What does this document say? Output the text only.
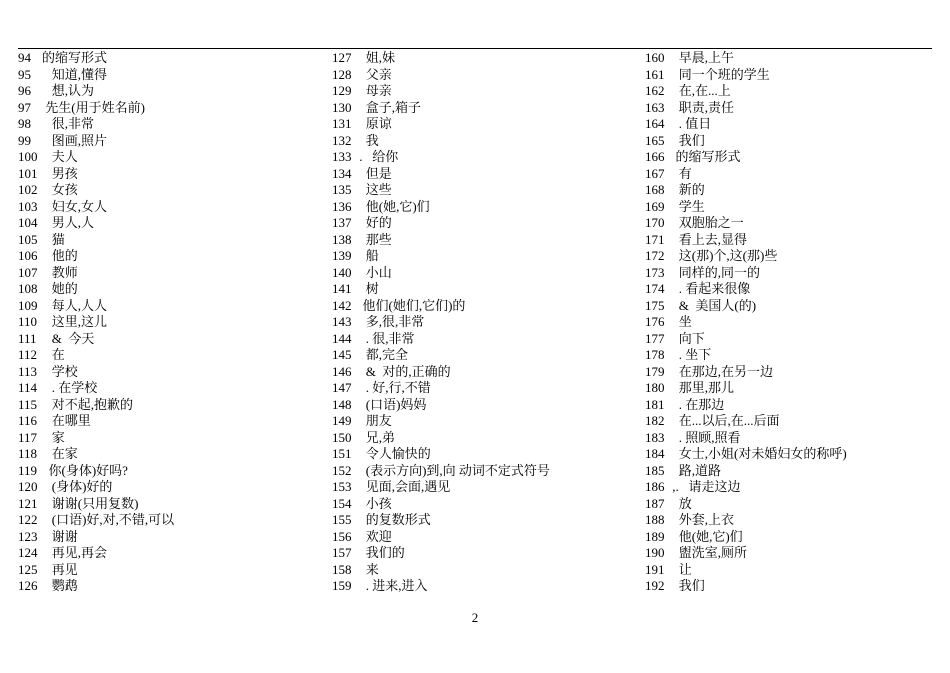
94 的缩写形式
95   知道,懂得
96   想,认为
97 先生(用于姓名前)
98   很,非常
99   图画,照片
100   夫人
101   男孩
102   女孩
103   妇女,女人
104   男人,人
105   猫
106   他的
107   教师
108   她的
109   每人,人人
110   这里,这儿
111   &  今天
112   在
113   学校
114   . 在学校
115   对不起,抱歉的
116   在哪里
117   家
118   在家
119  你(身体)好吗?
120   (身体)好的
121   谢谢(只用复数)
122   (口语)好,对,不错,可以
123   谢谢
124   再见,再会
125   再见
126   鹦鹉
127   姐,妹
128   父亲
129   母亲
130   盒子,箱子
131   原谅
132   我
133 .   给你
134   但是
135   这些
136   他(她,它)们
137   好的
138   那些
139   船
140   小山
141   树
142  他们(她们,它们)的
143   多,很,非常
144   . 很,非常
145   都,完全
146   &  对的,正确的
147   . 好,行,不错
148   (口语)妈妈
149   朋友
150   兄,弟
151   令人愉快的
152   (表示方向)到,向 动词不定式符号
153   见面,会面,遇见
154   小孩
155   的复数形式
156   欢迎
157   我们的
158   来
159   . 进来,进入
160   早晨,上午
161   同一个班的学生
162   在,在...上
163   职责,责任
164   . 值日
165   我们
166  的缩写形式
167   有
168   新的
169   学生
170   双胞胎之一
171   看上去,显得
172   这(那)个,这(那)些
173   同样的,同一的
174   . 看起来很像
175   &  美国人(的)
176   坐
177   向下
178   . 坐下
179   在那边,在另一边
180   那里,那儿
181   . 在那边
182   在...以后,在...后面
183   . 照顾,照看
184   女士,小姐(对未婚妇女的称呼)
185   路,道路
186 ,.   请走这边
187   放
188   外套,上衣
189   他(她,它)们
190   盥洗室,厕所
191   让
192   我们
2
